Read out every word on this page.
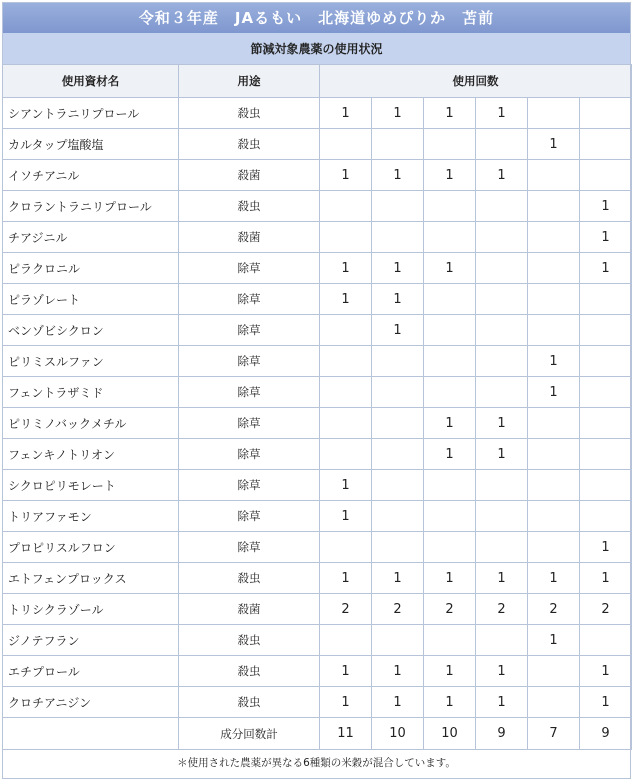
令和３年産　JAるもい　北海道ゆめぴりか　苫前
節減対象農薬の使用状況
使用資材名	用途	使用回数					
シアントラニリプロール	殺虫	1	1	1	1		
カルタップ塩酸塩	殺虫					1	
イソチアニル	殺菌	1	1	1	1		
クロラントラニリプロール	殺虫						1
チアジニル	殺菌						1
ピラクロニル	除草	1	1	1			1
ピラゾレート	除草	1	1				
ベンゾビシクロン	除草		1				
ピリミスルファン	除草					1	
フェントラザミド	除草					1	
ピリミノバックメチル	除草			1	1		
フェンキノトリオン	除草			1	1		
シクロピリモレート	除草	1					
トリアファモン	除草	1					
プロピリスルフロン	除草						1
エトフェンプロックス	殺虫	1	1	1	1	1	1
トリシクラゾール	殺菌	2	2	2	2	2	2
ジノテフラン	殺虫					1	
エチプロール	殺虫	1	1	1	1		1
クロチアニジン	殺虫	1	1	1	1		1
	成分回数計	11	10	10	9	7	9
＊使用された農薬が異なる6種類の米穀が混合しています。
